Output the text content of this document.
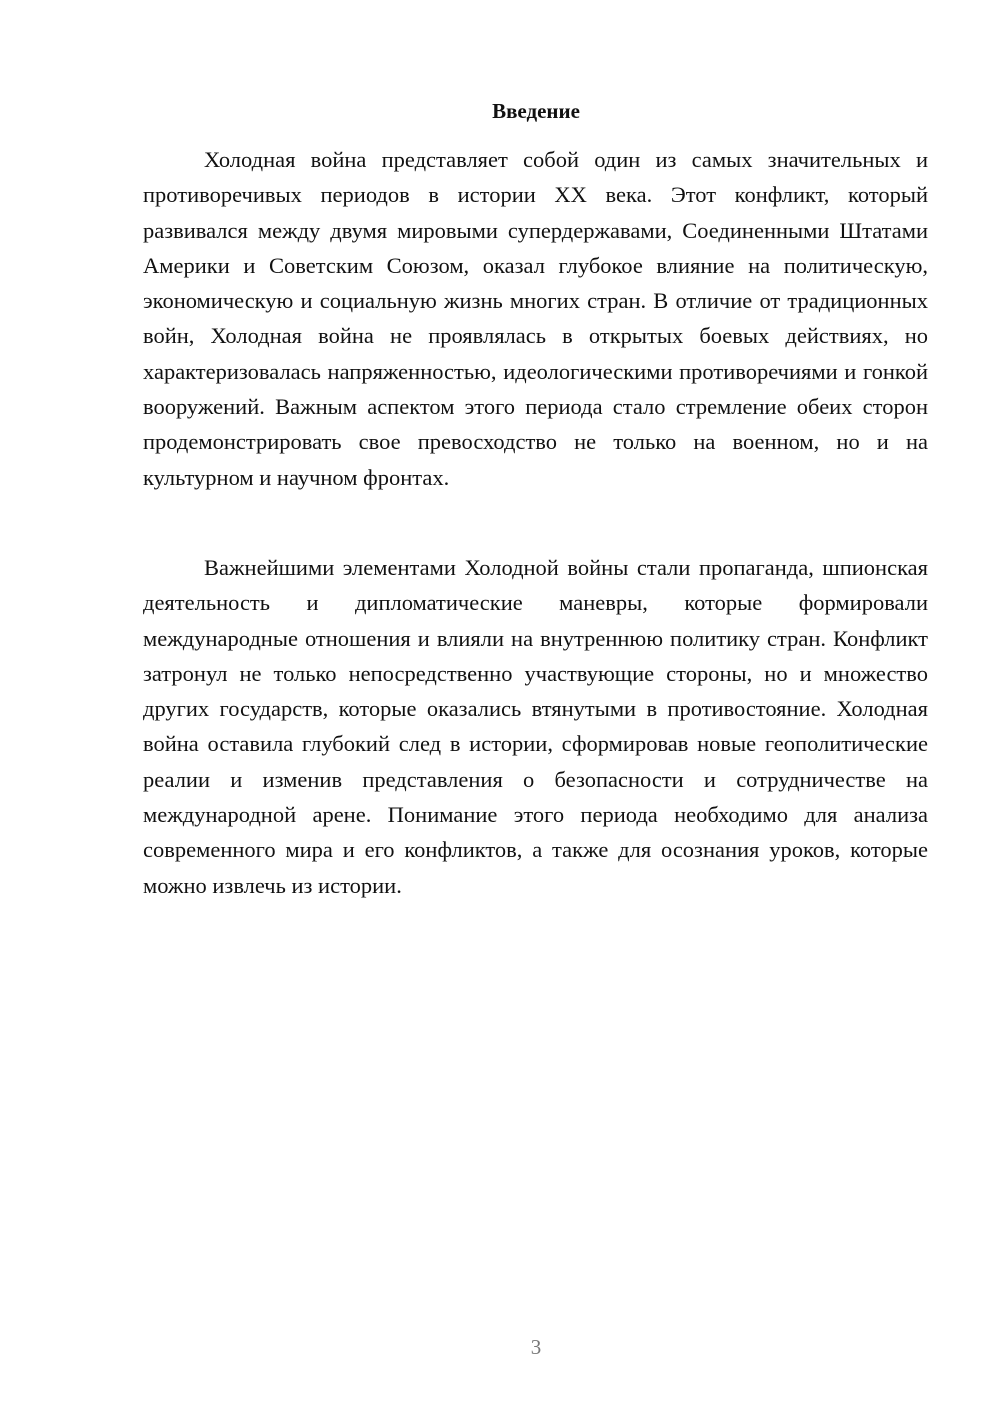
Введение

Холодная война представляет собой один из самых значительных и противоречивых периодов в истории XX века. Этот конфликт, который развивался между двумя мировыми супердержавами, Соединенными Штатами Америки и Советским Союзом, оказал глубокое влияние на политическую, экономическую и социальную жизнь многих стран. В отличие от традиционных войн, Холодная война не проявлялась в открытых боевых действиях, но характеризовалась напряженностью, идеологическими противоречиями и гонкой вооружений. Важным аспектом этого периода стало стремление обеих сторон продемонстрировать свое превосходство не только на военном, но и на культурном и научном фронтах.

Важнейшими элементами Холодной войны стали пропаганда, шпионская деятельность и дипломатические маневры, которые формировали международные отношения и влияли на внутреннюю политику стран. Конфликт затронул не только непосредственно участвующие стороны, но и множество других государств, которые оказались втянутыми в противостояние. Холодная война оставила глубокий след в истории, сформировав новые геополитические реалии и изменив представления о безопасности и сотрудничестве на международной арене. Понимание этого периода необходимо для анализа современного мира и его конфликтов, а также для осознания уроков, которые можно извлечь из истории.

3
